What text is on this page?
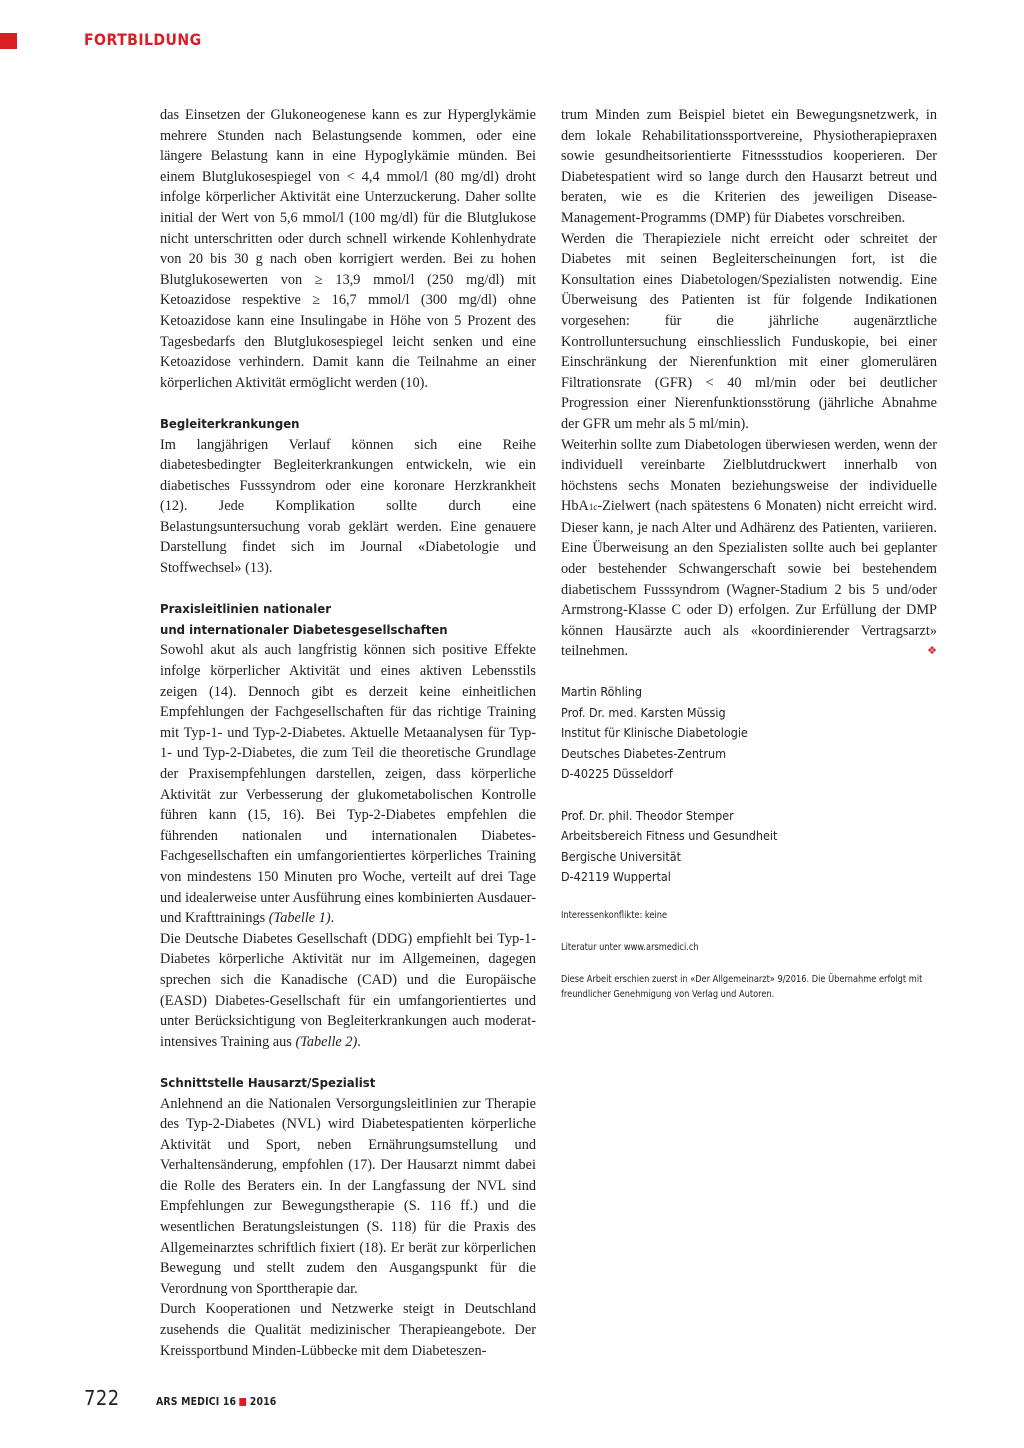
FORTBILDUNG

das Einsetzen der Glukoneogenese kann es zur Hyperglykämie mehrere Stunden nach Belastungsende kommen, oder eine längere Belastung kann in eine Hypoglykämie münden. Bei einem Blutglukosespiegel von < 4,4 mmol/l (80 mg/dl) droht infolge körperlicher Aktivität eine Unterzuckerung. Daher sollte initial der Wert von 5,6 mmol/l (100 mg/dl) für die Blutglukose nicht unterschritten oder durch schnell wirkende Kohlenhydrate von 20 bis 30 g nach oben korrigiert werden. Bei zu hohen Blutglukosewerten von ≥ 13,9 mmol/l (250 mg/dl) mit Ketoazidose respektive ≥ 16,7 mmol/l (300 mg/dl) ohne Ketoazidose kann eine Insulingabe in Höhe von 5 Prozent des Tagesbedarfs den Blutglukosespiegel leicht senken und eine Ketoazidose verhindern. Damit kann die Teilnahme an einer körperlichen Aktivität ermöglicht werden (10).

Begleiterkrankungen

Im langjährigen Verlauf können sich eine Reihe diabetesbedingter Begleiterkrankungen entwickeln, wie ein diabetisches Fusssyndrom oder eine koronare Herzkrankheit (12). Jede Komplikation sollte durch eine Belastungsuntersuchung vorab geklärt werden. Eine genauere Darstellung findet sich im Journal «Diabetologie und Stoffwechsel» (13).

Praxisleitlinien nationaler
und internationaler Diabetesgesellschaften

Sowohl akut als auch langfristig können sich positive Effekte infolge körperlicher Aktivität und eines aktiven Lebensstils zeigen (14). Dennoch gibt es derzeit keine einheitlichen Empfehlungen der Fachgesellschaften für das richtige Training mit Typ-1- und Typ-2-Diabetes. Aktuelle Metaanalysen für Typ-1- und Typ-2-Diabetes, die zum Teil die theoretische Grundlage der Praxisempfehlungen darstellen, zeigen, dass körperliche Aktivität zur Verbesserung der glukometabolischen Kontrolle führen kann (15, 16). Bei Typ-2-Diabetes empfehlen die führenden nationalen und internationalen Diabetes-Fachgesellschaften ein umfangorientiertes körperliches Training von mindestens 150 Minuten pro Woche, verteilt auf drei Tage und idealerweise unter Ausführung eines kombinierten Ausdauer- und Krafttrainings (Tabelle 1).

Die Deutsche Diabetes Gesellschaft (DDG) empfiehlt bei Typ-1-Diabetes körperliche Aktivität nur im Allgemeinen, dagegen sprechen sich die Kanadische (CAD) und die Europäische (EASD) Diabetes-Gesellschaft für ein umfangorientiertes und unter Berücksichtigung von Begleiterkrankungen auch moderat-intensives Training aus (Tabelle 2).

Schnittstelle Hausarzt/Spezialist

Anlehnend an die Nationalen Versorgungsleitlinien zur Therapie des Typ-2-Diabetes (NVL) wird Diabetespatienten körperliche Aktivität und Sport, neben Ernährungsumstellung und Verhaltensänderung, empfohlen (17). Der Hausarzt nimmt dabei die Rolle des Beraters ein. In der Langfassung der NVL sind Empfehlungen zur Bewegungstherapie (S. 116 ff.) und die wesentlichen Beratungsleistungen (S. 118) für die Praxis des Allgemeinarztes schriftlich fixiert (18). Er berät zur körperlichen Bewegung und stellt zudem den Ausgangspunkt für die Verordnung von Sporttherapie dar.

Durch Kooperationen und Netzwerke steigt in Deutschland zusehends die Qualität medizinischer Therapieangebote. Der Kreissportbund Minden-Lübbecke mit dem Diabeteszen-

trum Minden zum Beispiel bietet ein Bewegungsnetzwerk, in dem lokale Rehabilitationssportvereine, Physiotherapiepraxen sowie gesundheitsorientierte Fitnessstudios kooperieren. Der Diabetespatient wird so lange durch den Hausarzt betreut und beraten, wie es die Kriterien des jeweiligen Disease-Management-Programms (DMP) für Diabetes vorschreiben.

Werden die Therapieziele nicht erreicht oder schreitet der Diabetes mit seinen Begleiterscheinungen fort, ist die Konsultation eines Diabetologen/Spezialisten notwendig. Eine Überweisung des Patienten ist für folgende Indikationen vorgesehen: für die jährliche augenärztliche Kontrolluntersuchung einschliesslich Funduskopie, bei einer Einschränkung der Nierenfunktion mit einer glomerulären Filtrationsrate (GFR) < 40 ml/min oder bei deutlicher Progression einer Nierenfunktionsstörung (jährliche Abnahme der GFR um mehr als 5 ml/min).

Weiterhin sollte zum Diabetologen überwiesen werden, wenn der individuell vereinbarte Zielblutdruckwert innerhalb von höchstens sechs Monaten beziehungsweise der individuelle HbA1c-Zielwert (nach spätestens 6 Monaten) nicht erreicht wird. Dieser kann, je nach Alter und Adhärenz des Patienten, variieren. Eine Überweisung an den Spezialisten sollte auch bei geplanter oder bestehender Schwangerschaft sowie bei bestehendem diabetischem Fusssyndrom (Wagner-Stadium 2 bis 5 und/oder Armstrong-Klasse C oder D) erfolgen. Zur Erfüllung der DMP können Hausärzte auch als «koordinierender Vertragsarzt» teilnehmen.	❖

Martin Röhling
Prof. Dr. med. Karsten Müssig
Institut für Klinische Diabetologie
Deutsches Diabetes-Zentrum
D-40225 Düsseldorf
Prof. Dr. phil. Theodor Stemper
Arbeitsbereich Fitness und Gesundheit
Bergische Universität
D-42119 Wuppertal
Interessenkonflikte: keine
Literatur unter www.arsmedici.ch
Diese Arbeit erschien zuerst in «Der Allgemeinarzt» 9/2016. Die Übernahme erfolgt mit
freundlicher Genehmigung von Verlag und Autoren.
722	ARS MEDICI 16 2016
